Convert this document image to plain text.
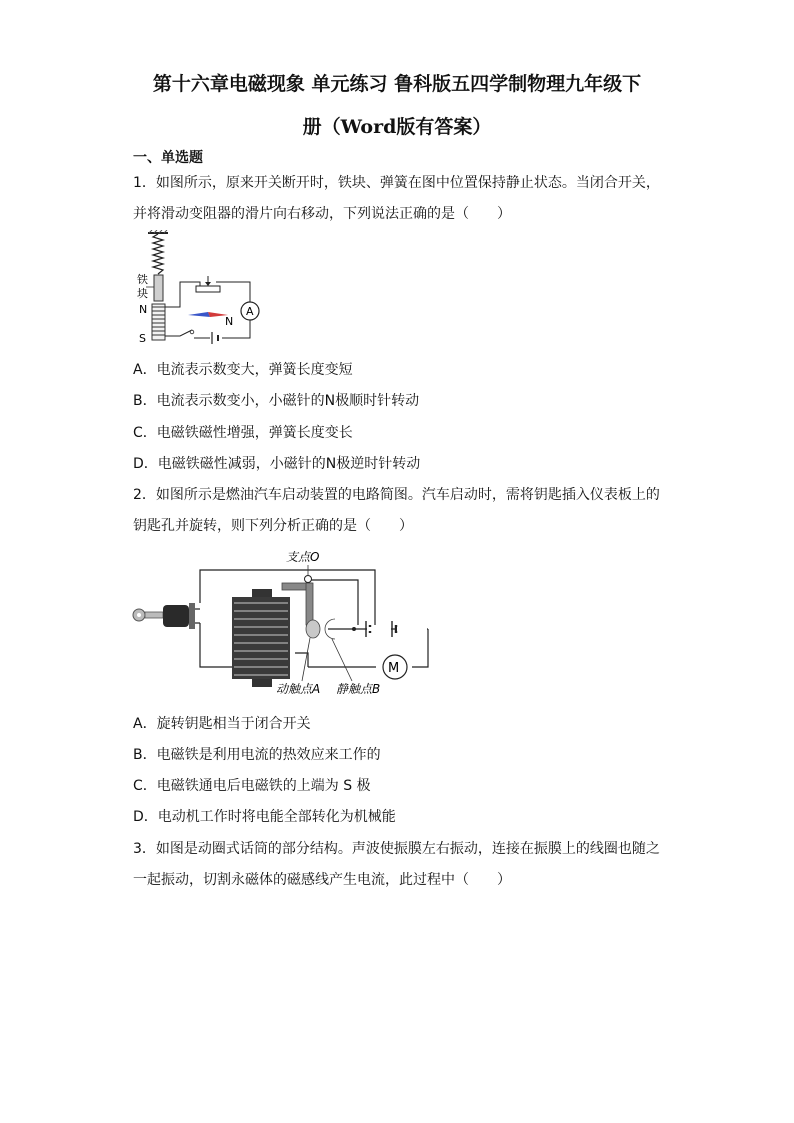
第十六章电磁现象 单元练习 鲁科版五四学制物理九年级下
册（Word版有答案）
一、单选题
1．如图所示，原来开关断开时，铁块、弹簧在图中位置保持静止状态。当闭合开关，
并将滑动变阻器的滑片向右移动，下列说法正确的是（　　）
铁
块
N
S
A
N
A．电流表示数变大，弹簧长度变短
B．电流表示数变小，小磁针的N极顺时针转动
C．电磁铁磁性增强，弹簧长度变长
D．电磁铁磁性减弱，小磁针的N极逆时针转动
2．如图所示是燃油汽车启动装置的电路简图。汽车启动时，需将钥匙插入仪表板上的
钥匙孔并旋转，则下列分析正确的是（　　）
M
支点O
动触点A 静触点B
A．旋转钥匙相当于闭合开关
B．电磁铁是利用电流的热效应来工作的
C．电磁铁通电后电磁铁的上端为 S 极
D．电动机工作时将电能全部转化为机械能
3．如图是动圈式话筒的部分结构。声波使振膜左右振动，连接在振膜上的线圈也随之
一起振动，切割永磁体的磁感线产生电流，此过程中（　　）
